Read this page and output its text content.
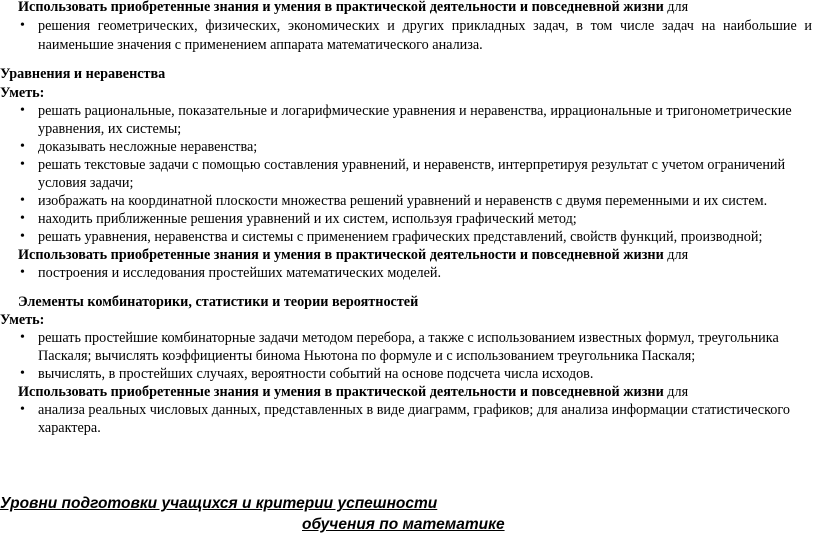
Использовать приобретенные знания и умения в практической деятельности и повседневной жизни для
• решения геометрических, физических, экономических и других прикладных задач, в том числе задач на наибольшие и
наименьшие значения с применением аппарата математического анализа.
Уравнения и неравенства
Уметь:
• решать рациональные, показательные и логарифмические уравнения и неравенства, иррациональные и тригонометрические
уравнения, их системы;
• доказывать несложные неравенства;
• решать текстовые задачи с помощью составления уравнений, и неравенств, интерпретируя результат с учетом ограничений
условия задачи;
• изображать на координатной плоскости множества решений уравнений и неравенств с двумя переменными и их систем.
• находить приближенные решения уравнений и их систем, используя графический метод;
• решать уравнения, неравенства и системы с применением графических представлений, свойств функций, производной;
Использовать приобретенные знания и умения в практической деятельности и повседневной жизни для
• построения и исследования простейших математических моделей.
Элементы комбинаторики, статистики и теории вероятностей
Уметь:
• решать простейшие комбинаторные задачи методом перебора, а также с использованием известных формул, треугольника
Паскаля; вычислять коэффициенты бинома Ньютона по формуле и с использованием треугольника Паскаля;
• вычислять, в простейших случаях, вероятности событий на основе подсчета числа исходов.
Использовать приобретенные знания и умения в практической деятельности и повседневной жизни для
• анализа реальных числовых данных, представленных в виде диаграмм, графиков; для анализа информации статистического
характера.
Уровни подготовки учащихся и критерии успешности
обучения по математике
